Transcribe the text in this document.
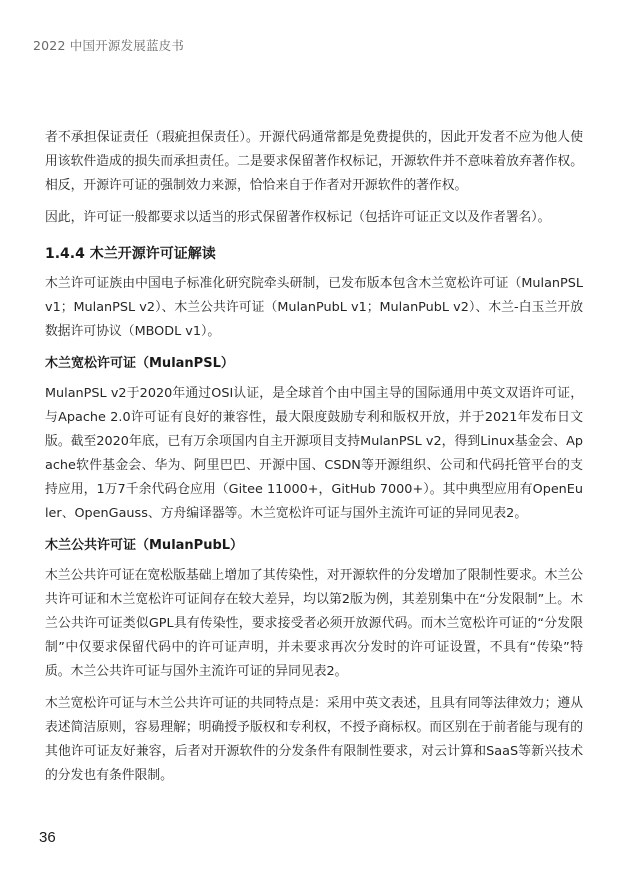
2022 中国开源发展蓝皮书

者不承担保证责任（瑕疵担保责任）。开源代码通常都是免费提供的，因此开发者不应为他人使用该软件造成的损失而承担责任。二是要求保留著作权标记，开源软件并不意味着放弃著作权。相反，开源许可证的强制效力来源，恰恰来自于作者对开源软件的著作权。

因此，许可证一般都要求以适当的形式保留著作权标记（包括许可证正文以及作者署名）。

1.4.4 木兰开源许可证解读

木兰许可证族由中国电子标准化研究院牵头研制，已发布版本包含木兰宽松许可证（MulanPSL v1；MulanPSL v2）、木兰公共许可证（MulanPubL v1；MulanPubL v2）、木兰-白玉兰开放数据许可协议（MBODL v1）。

木兰宽松许可证（MulanPSL）

MulanPSL v2于2020年通过OSI认证，是全球首个由中国主导的国际通用中英文双语许可证，与Apache 2.0许可证有良好的兼容性，最大限度鼓励专利和版权开放，并于2021年发布日文版。截至2020年底，已有万余项国内自主开源项目支持MulanPSL v2，得到Linux基金会、Apache软件基金会、华为、阿里巴巴、开源中国、CSDN等开源组织、公司和代码托管平台的支持应用，1万7千余代码仓应用（Gitee 11000+，GitHub 7000+）。其中典型应用有OpenEuler、OpenGauss、方舟编译器等。木兰宽松许可证与国外主流许可证的异同见表2。

木兰公共许可证（MulanPubL）

木兰公共许可证在宽松版基础上增加了其传染性，对开源软件的分发增加了限制性要求。木兰公共许可证和木兰宽松许可证间存在较大差异，均以第2版为例，其差别集中在“分发限制”上。木兰公共许可证类似GPL具有传染性，要求接受者必须开放源代码。而木兰宽松许可证的“分发限制”中仅要求保留代码中的许可证声明，并未要求再次分发时的许可证设置，不具有“传染”特质。木兰公共许可证与国外主流许可证的异同见表2。

木兰宽松许可证与木兰公共许可证的共同特点是：采用中英文表述，且具有同等法律效力；遵从表述简洁原则，容易理解；明确授予版权和专利权，不授予商标权。而区别在于前者能与现有的其他许可证友好兼容，后者对开源软件的分发条件有限制性要求，对云计算和SaaS等新兴技术的分发也有条件限制。

36
